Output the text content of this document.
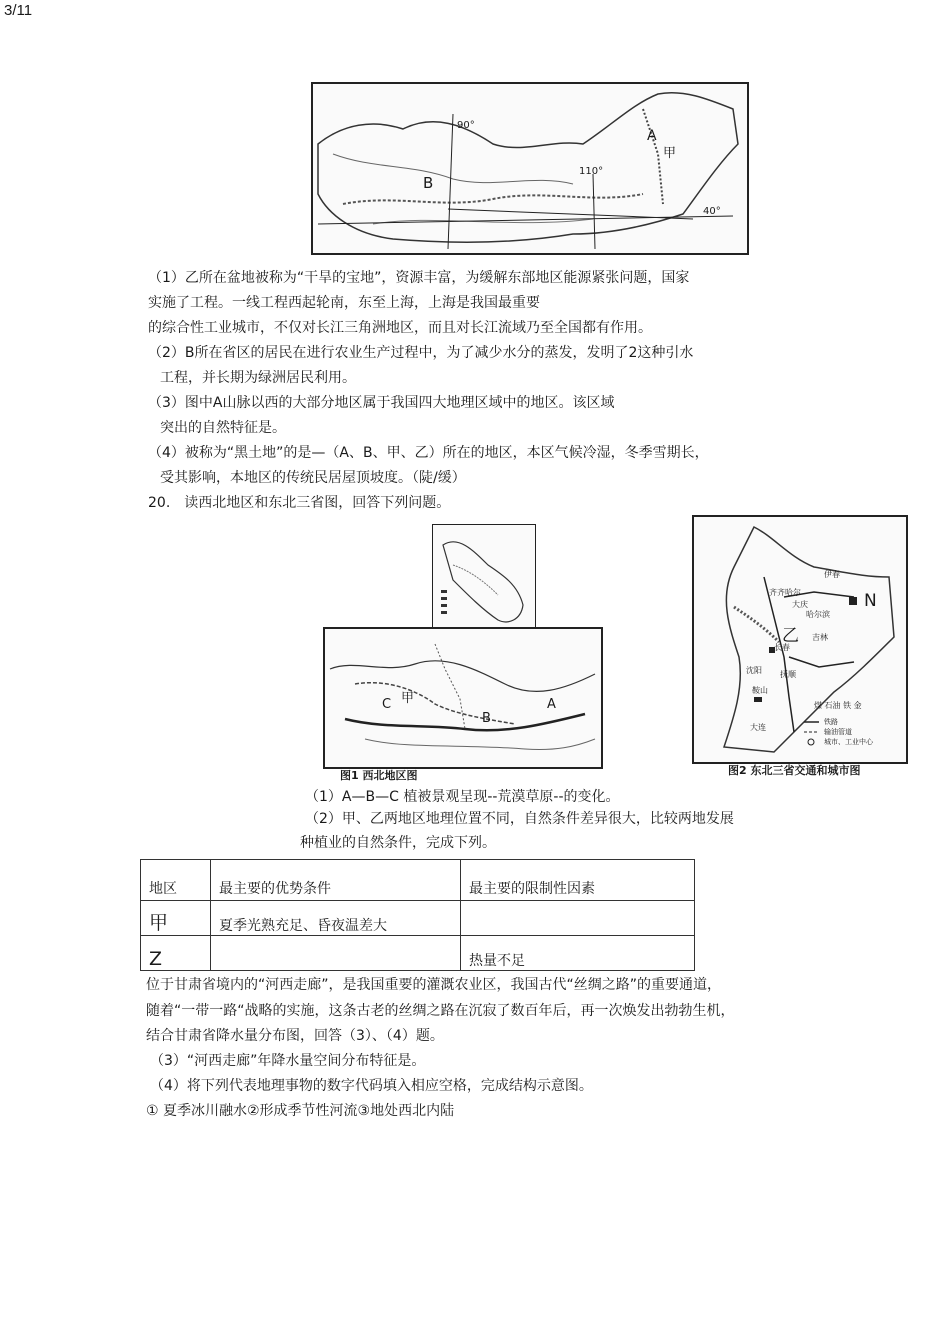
3/11
90°
110°
40°
A
甲
B
（1）乙所在盆地被称为“干旱的宝地”，资源丰富，为缓解东部地区能源紧张问题，国家
实施了工程。一线工程西起轮南，东至上海，上海是我国最重要
的综合性工业城市，不仅对长江三角洲地区，而且对长江流域乃至全国都有作用。
（2）B所在省区的居民在进行农业生产过程中，为了减少水分的蒸发，发明了2这种引水
工程，并长期为绿洲居民利用。
（3）图中A山脉以西的大部分地区属于我国四大地理区域中的地区。该区域
突出的自然特征是。
（4）被称为“黑土地”的是—（A、B、甲、乙）所在的地区，本区气候冷湿，冬季雪期长，
受其影响，本地区的传统民居屋顶坡度。（陡/缓）
20.　读西北地区和东北三省图，回答下列问题。
甲
C
B
A
图1 西北地区图
N
乙
伊春
齐齐哈尔
大庆
哈尔滨
长春
吉林
沈阳 抚顺
鞍山
大连
煤 石油 铁 金
铁路
输油管道
城市、工业中心
图2 东北三省交通和城市图
（1）A—B—C 植被景观呈现--荒漠草原--的变化。
（2）甲、乙两地区地理位置不同，自然条件差异很大，比较两地发展
种植业的自然条件，完成下列。
地区	最主要的优势条件	最主要的限制性因素
甲	夏季光熟充足、昏夜温差大	
Z		热量不足
位于甘肃省境内的“河西走廊”，是我国重要的灌溉农业区，我国古代“丝绸之路”的重要通道，
随着“一带一路“战略的实施，这条古老的丝绸之路在沉寂了数百年后，再一次焕发出勃勃生机，
结合甘肃省降水量分布图，回答（3）、（4）题。
（3）“河西走廊”年降水量空间分布特征是。
（4）将下列代表地理事物的数字代码填入相应空格，完成结构示意图。
① 夏季冰川融水②形成季节性河流③地处西北内陆
